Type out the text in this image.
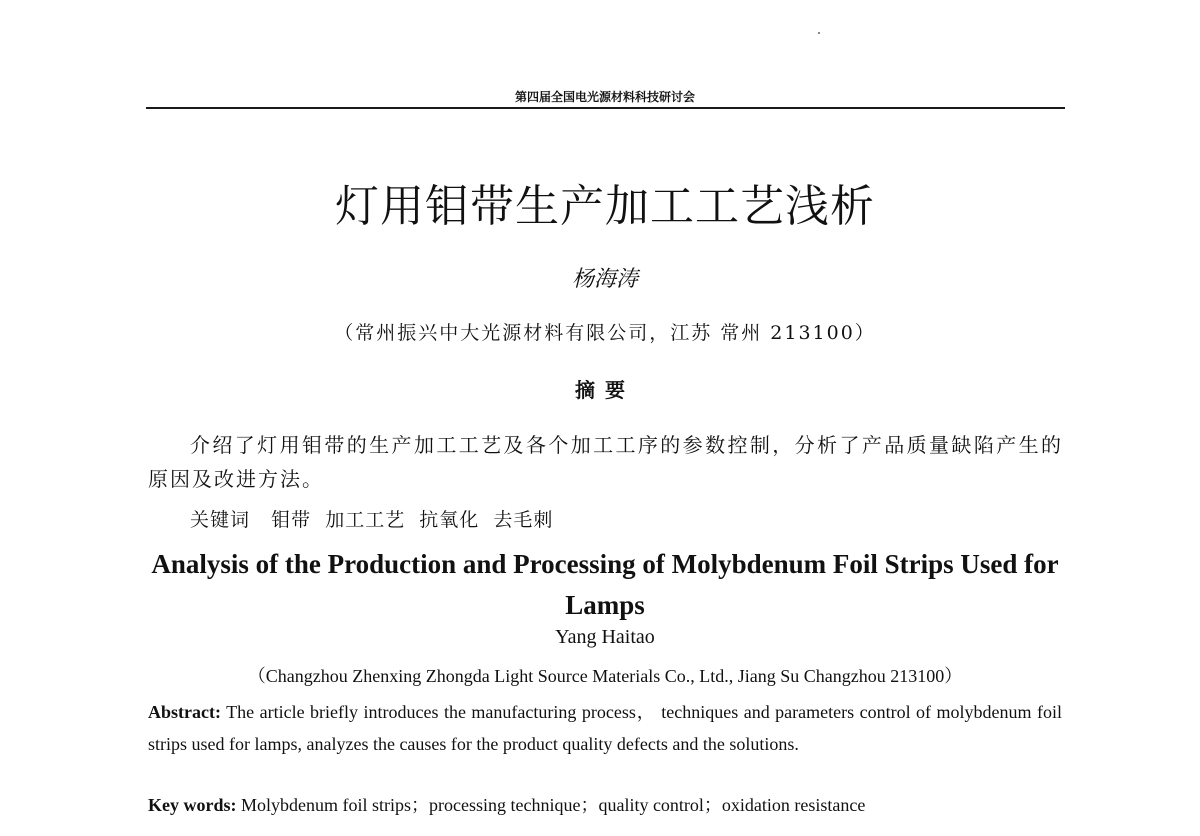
第四届全国电光源材料科技研讨会
灯用钼带生产加工工艺浅析
杨海涛
（常州振兴中大光源材料有限公司，江苏 常州 213100）
摘要
介绍了灯用钼带的生产加工工艺及各个加工工序的参数控制，分析了产品质量缺陷产生的原因及改进方法。
关键词 钼带  加工工艺  抗氧化  去毛刺
Analysis of the Production and Processing of Molybdenum Foil Strips Used for Lamps
Yang Haitao
（Changzhou Zhenxing Zhongda Light Source Materials Co., Ltd., Jiang Su Changzhou 213100）
Abstract: The article briefly introduces the manufacturing process， techniques and parameters control of molybdenum foil strips used for lamps, analyzes the causes for the product quality defects and the solutions.
Key words: Molybdenum foil strips；processing technique；quality control；oxidation resistance
